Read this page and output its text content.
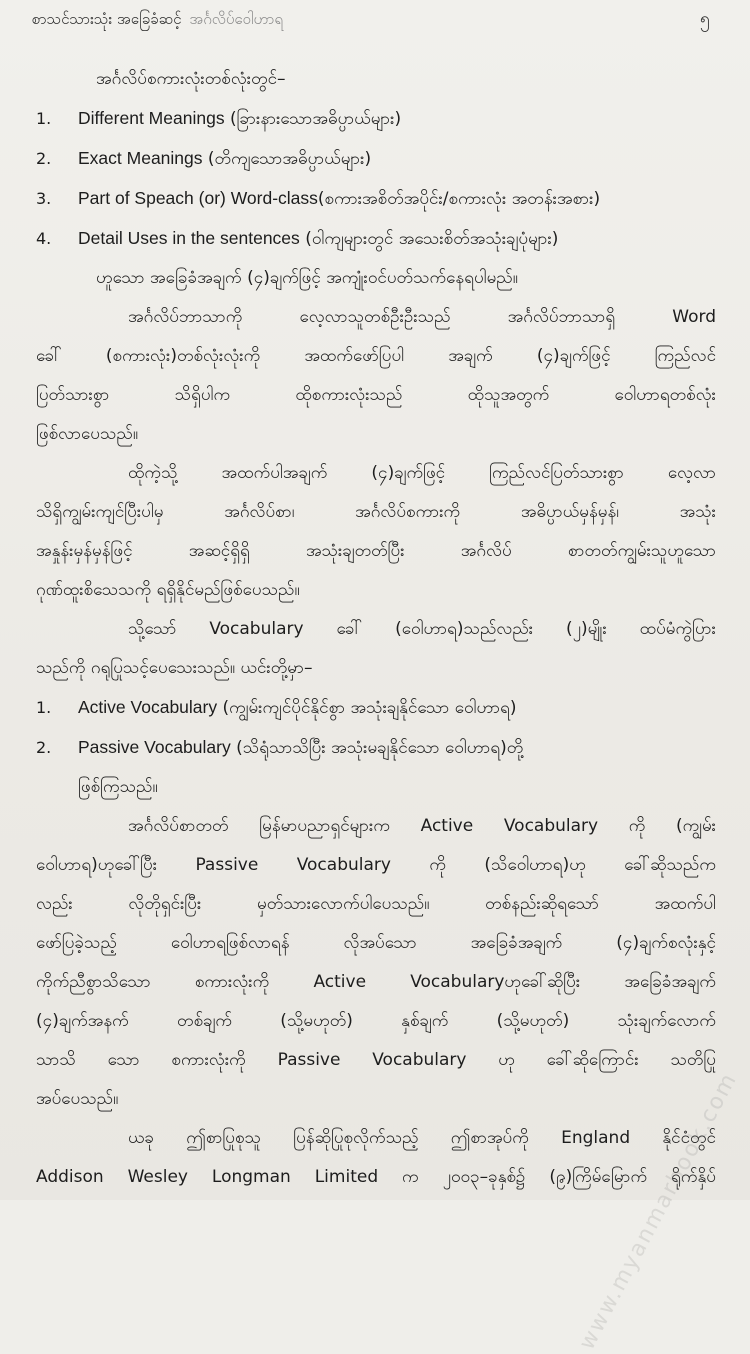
စာသင်သားသုံး အခြေခံဆင့် အင်္ဂလိပ်ဝေါဟာရ	၅
အင်္ဂလိပ်စကားလုံးတစ်လုံးတွင်–
1.	Different Meanings (ခြားနားသောအဓိပ္ပာယ်များ)
2.	Exact Meanings (တိကျသောအဓိပ္ပာယ်များ)
3.	Part of Speach (or) Word-class(စကားအစိတ်အပိုင်း/စကားလုံး အတန်းအစား)
4.	Detail Uses in the sentences (ဝါကျများတွင် အသေးစိတ်အသုံးချပုံများ)
ဟူသော အခြေခံအချက် (၄)ချက်ဖြင့် အကျုံးဝင်ပတ်သက်နေရပါမည်။
အင်္ဂလိပ်ဘာသာကို လေ့လာသူတစ်ဦးဦးသည် အင်္ဂလိပ်ဘာသာရှိ Word
ခေါ် (စကားလုံး)တစ်လုံးလုံးကို အထက်ဖော်ပြပါ အချက် (၄)ချက်ဖြင့် ကြည်လင်
ပြတ်သားစွာ သိရှိပါက ထိုစကားလုံးသည် ထိုသူအတွက် ဝေါဟာရတစ်လုံး
ဖြစ်လာပေသည်။
ထိုကဲ့သို့ အထက်ပါအချက် (၄)ချက်ဖြင့် ကြည်လင်ပြတ်သားစွာ လေ့လာ
သိရှိကျွမ်းကျင်ပြီးပါမှ အင်္ဂလိပ်စာ၊ အင်္ဂလိပ်စကားကို အဓိပ္ပာယ်မှန်မှန်၊ အသုံး
အနှုန်းမှန်မှန်ဖြင့် အဆင့်ရှိရှိ အသုံးချတတ်ပြီး အင်္ဂလိပ် စာတတ်ကျွမ်းသူဟူသော
ဂုဏ်ထူးစိသေသကို ရရှိနိုင်မည်ဖြစ်ပေသည်။
သို့သော် Vocabulary ခေါ် (ဝေါဟာရ)သည်လည်း (၂)မျိုး ထပ်မံကွဲပြား
သည်ကို ဂရုပြုသင့်ပေသေးသည်။ ယင်းတို့မှာ–
1.	Active Vocabulary (ကျွမ်းကျင်ပိုင်နိုင်စွာ အသုံးချနိုင်သော ဝေါဟာရ)
2.	Passive Vocabulary (သိရုံသာသိပြီး အသုံးမချနိုင်သော ဝေါဟာရ)တို့
ဖြစ်ကြသည်။
အင်္ဂလိပ်စာတတ် မြန်မာပညာရှင်များက Active Vocabulary ကို (ကျွမ်း
ဝေါဟာရ)ဟုခေါ်ပြီး Passive Vocabulary ကို (သိဝေါဟာရ)ဟု ခေါ်ဆိုသည်က
လည်း လိုတိုရှင်းပြီး မှတ်သားလောက်ပါပေသည်။ တစ်နည်းဆိုရသော် အထက်ပါ
ဖော်ပြခဲ့သည့် ဝေါဟာရဖြစ်လာရန် လိုအပ်သော အခြေခံအချက် (၄)ချက်စလုံးနှင့်
ကိုက်ညီစွာသိသော စကားလုံးကို Active Vocabularyဟုခေါ်ဆိုပြီး အခြေခံအချက်
(၄)ချက်အနက် တစ်ချက် (သို့မဟုတ်) နှစ်ချက် (သို့မဟုတ်) သုံးချက်လောက်
သာသိ သော စကားလုံးကို Passive Vocabulary ဟု ခေါ်ဆိုကြောင်း သတိပြု
အပ်ပေသည်။
ယခု ဤစာပြုစုသူ ပြန်ဆိုပြုစုလိုက်သည့် ဤစာအုပ်ကို England နိုင်ငံတွင်
Addison Wesley Longman Limited က ၂၀၀၃–ခုနှစ်၌ (၉)ကြိမ်မြောက် ရိုက်နှိပ်
www.myanmarbook.com
